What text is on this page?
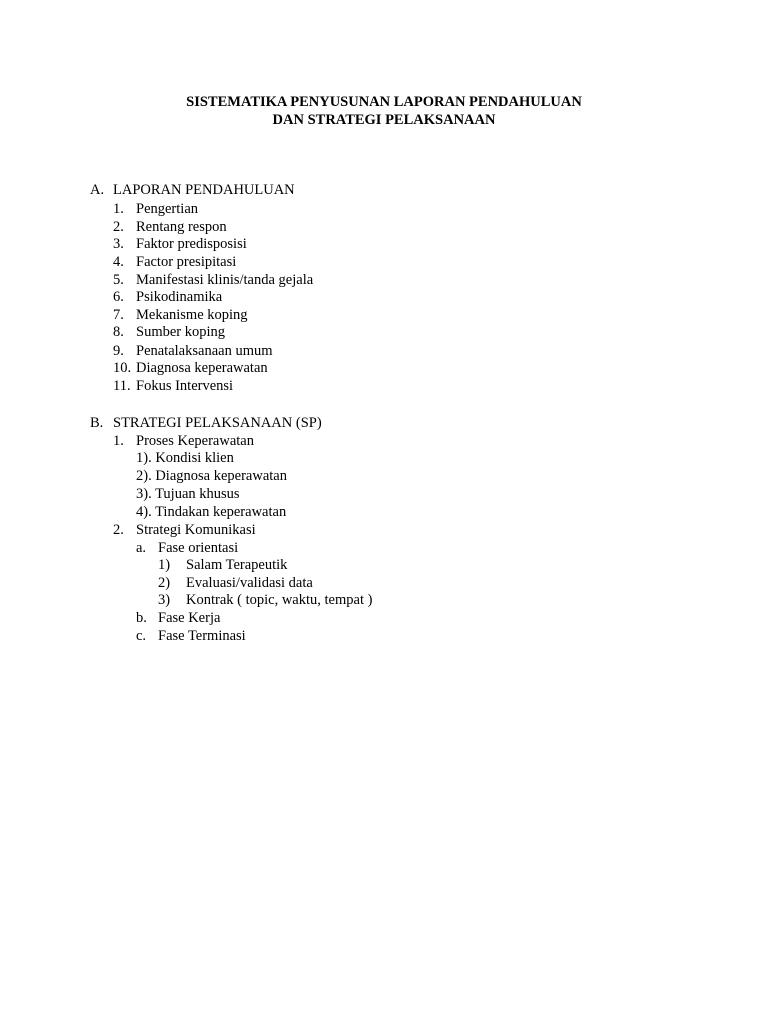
SISTEMATIKA PENYUSUNAN LAPORAN PENDAHULUAN
DAN STRATEGI PELAKSANAAN
A. LAPORAN PENDAHULUAN
1. Pengertian
2. Rentang respon
3. Faktor predisposisi
4. Factor presipitasi
5. Manifestasi klinis/tanda gejala
6. Psikodinamika
7. Mekanisme koping
8. Sumber koping
9. Penatalaksanaan umum
10. Diagnosa keperawatan
11. Fokus Intervensi
B. STRATEGI PELAKSANAAN (SP)
1. Proses Keperawatan
1). Kondisi klien
2). Diagnosa keperawatan
3). Tujuan khusus
4). Tindakan keperawatan
2. Strategi Komunikasi
a. Fase orientasi
1) Salam Terapeutik
2) Evaluasi/validasi data
3) Kontrak ( topic, waktu, tempat )
b. Fase Kerja
c. Fase Terminasi
